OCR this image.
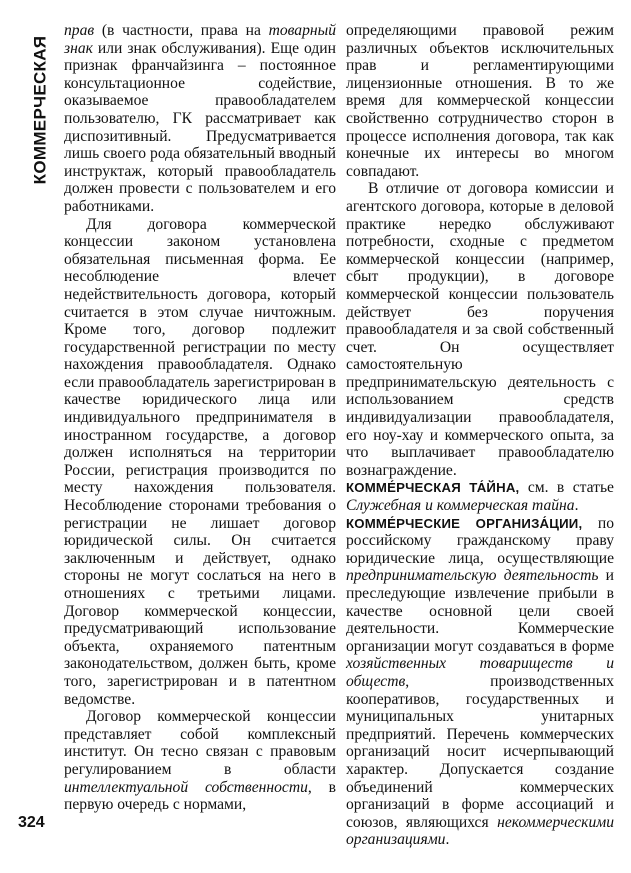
КОММЕРЧЕСКАЯ

прав (в частности, права на товарный знак или знак обслуживания). Еще один признак франчайзинга – постоянное консультационное содействие, оказываемое правообладателем пользователю, ГК рассматривает как диспозитивный. Предусматривается лишь своего рода обязательный вводный инструктаж, который правообладатель должен провести с пользователем и его работниками.

Для договора коммерческой концессии законом установлена обязательная письменная форма. Ее несоблюдение влечет недействительность договора, который считается в этом случае ничтожным. Кроме того, договор подлежит государственной регистрации по месту нахождения правообладателя. Однако если правообладатель зарегистрирован в качестве юридического лица или индивидуального предпринимателя в иностранном государстве, а договор должен исполняться на территории России, регистрация производится по месту нахождения пользователя. Несоблюдение сторонами требования о регистрации не лишает договор юридической силы. Он считается заключенным и действует, однако стороны не могут сослаться на него в отношениях с третьими лицами. Договор коммерческой концессии, предусматривающий использование объекта, охраняемого патентным законодательством, должен быть, кроме того, зарегистрирован и в патентном ведомстве.

Договор коммерческой концессии представляет собой комплексный институт. Он тесно связан с правовым регулированием в области интеллектуальной собственности, в первую очередь с нормами,

определяющими правовой режим различных объектов исключительных прав и регламентирующими лицензионные отношения. В то же время для коммерческой концессии свойственно сотрудничество сторон в процессе исполнения договора, так как конечные их интересы во многом совпадают.

В отличие от договора комиссии и агентского договора, которые в деловой практике нередко обслуживают потребности, сходные с предметом коммерческой концессии (например, сбыт продукции), в договоре коммерческой концессии пользователь действует без поручения правообладателя и за свой собственный счет. Он осуществляет самостоятельную предпринимательскую деятельность с использованием средств индивидуализации правообладателя, его ноу-хау и коммерческого опыта, за что выплачивает правообладателю вознаграждение.

КОММЕ́РЧЕСКАЯ ТА́ЙНА, см. в статье Служебная и коммерческая тайна.

КОММЕ́РЧЕСКИЕ ОРГАНИЗА́ЦИИ, по российскому гражданскому праву юридические лица, осуществляющие предпринимательскую деятельность и преследующие извлечение прибыли в качестве основной цели своей деятельности. Коммерческие организации могут создаваться в форме хозяйственных товариществ и обществ, производственных кооперативов, государственных и муниципальных унитарных предприятий. Перечень коммерческих организаций носит исчерпывающий характер. Допускается создание объединений коммерческих организаций в форме ассоциаций и союзов, являющихся некоммерческими организациями.

324
